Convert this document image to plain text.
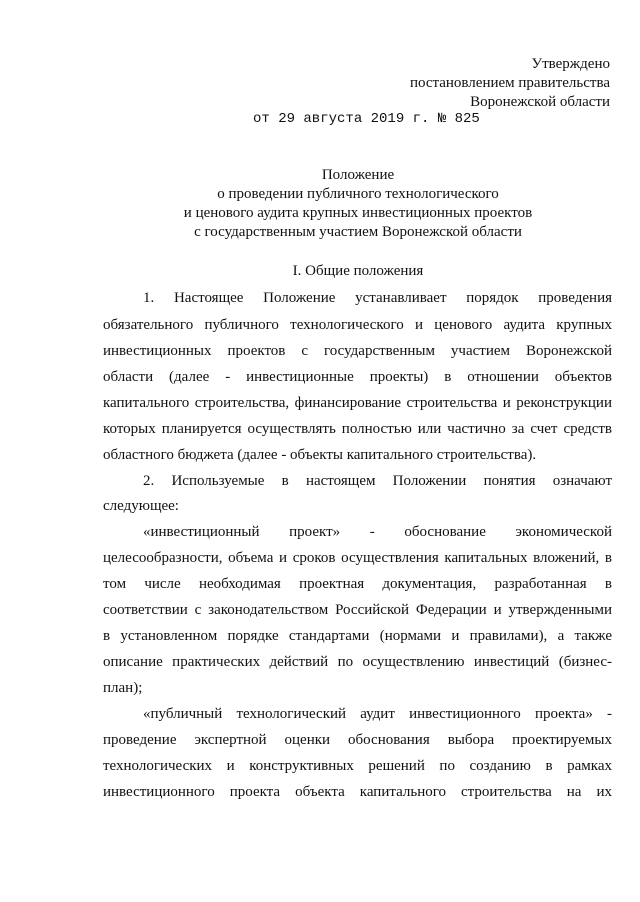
Утверждено
постановлением правительства
Воронежской области
от 29 августа 2019 г. № 825
Положение
о проведении публичного технологического
и ценового аудита крупных инвестиционных проектов
с государственным участием Воронежской области
I. Общие положения
1. Настоящее Положение устанавливает порядок проведения
обязательного публичного технологического и ценового аудита крупных
инвестиционных проектов с государственным участием Воронежской
области (далее - инвестиционные проекты) в отношении объектов
капитального строительства, финансирование строительства и реконструкции
которых планируется осуществлять полностью или частично за счет средств
областного бюджета (далее - объекты капитального строительства).
2. Используемые в настоящем Положении понятия означают
следующее:
«инвестиционный проект» - обоснование экономической
целесообразности, объема и сроков осуществления капитальных вложений, в
том числе необходимая проектная документация, разработанная в
соответствии с законодательством Российской Федерации и утвержденными
в установленном порядке стандартами (нормами и правилами), а также
описание практических действий по осуществлению инвестиций (бизнес-
план);
«публичный технологический аудит инвестиционного проекта» -
проведение экспертной оценки обоснования выбора проектируемых
технологических и конструктивных решений по созданию в рамках
инвестиционного проекта объекта капитального строительства на их
